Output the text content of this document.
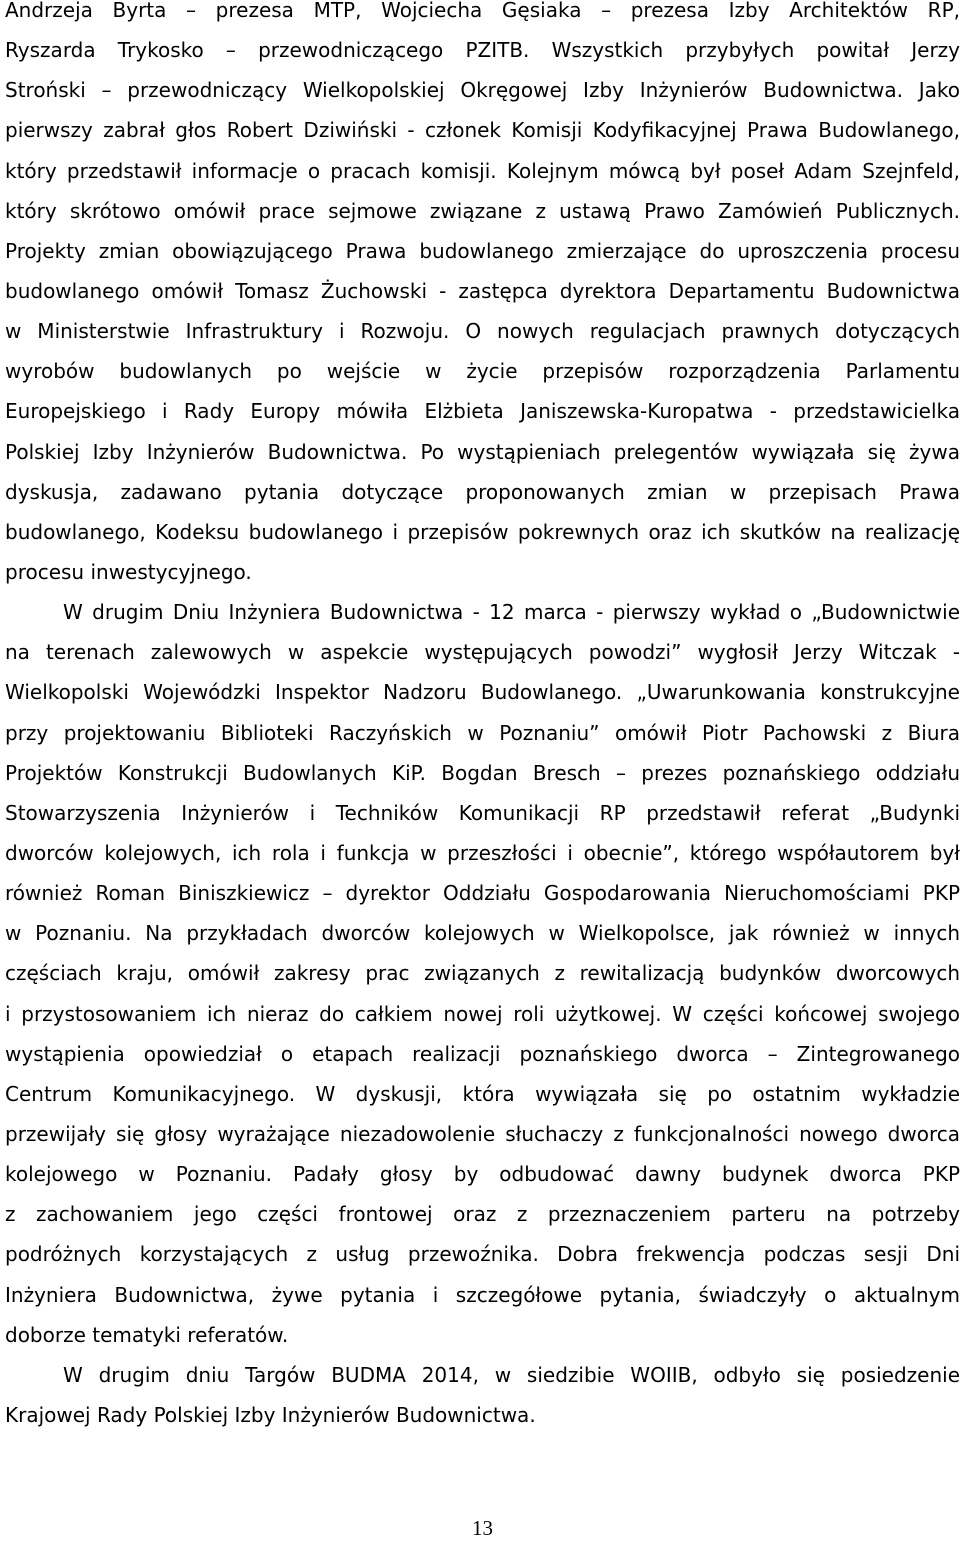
Andrzeja Byrta – prezesa MTP, Wojciecha Gęsiaka – prezesa Izby Architektów RP,
Ryszarda Trykosko – przewodniczącego PZITB. Wszystkich przybyłych powitał Jerzy
Stroński – przewodniczący Wielkopolskiej Okręgowej Izby Inżynierów Budownictwa. Jako
pierwszy zabrał głos Robert Dziwiński - członek Komisji Kodyfikacyjnej Prawa Budowlanego,
który przedstawił informacje o pracach komisji. Kolejnym mówcą był poseł Adam Szejnfeld,
który skrótowo omówił prace sejmowe związane z ustawą Prawo Zamówień Publicznych.
Projekty zmian obowiązującego Prawa budowlanego zmierzające do uproszczenia procesu
budowlanego omówił Tomasz Żuchowski - zastępca dyrektora Departamentu Budownictwa
w Ministerstwie Infrastruktury i Rozwoju. O nowych regulacjach prawnych dotyczących
wyrobów budowlanych po wejście w życie przepisów rozporządzenia Parlamentu
Europejskiego i Rady Europy mówiła Elżbieta Janiszewska-Kuropatwa - przedstawicielka
Polskiej Izby Inżynierów Budownictwa. Po wystąpieniach prelegentów wywiązała się żywa
dyskusja, zadawano pytania dotyczące proponowanych zmian w przepisach Prawa
budowlanego, Kodeksu budowlanego i przepisów pokrewnych oraz ich skutków na realizację
procesu inwestycyjnego.
W drugim Dniu Inżyniera Budownictwa - 12 marca - pierwszy wykład o „Budownictwie
na terenach zalewowych w aspekcie występujących powodzi” wygłosił Jerzy Witczak -
Wielkopolski Wojewódzki Inspektor Nadzoru Budowlanego. „Uwarunkowania konstrukcyjne
przy projektowaniu Biblioteki Raczyńskich w Poznaniu” omówił Piotr Pachowski z Biura
Projektów Konstrukcji Budowlanych KiP. Bogdan Bresch – prezes poznańskiego oddziału
Stowarzyszenia Inżynierów i Techników Komunikacji RP przedstawił referat „Budynki
dworców kolejowych, ich rola i funkcja w przeszłości i obecnie”, którego współautorem był
również Roman Biniszkiewicz – dyrektor Oddziału Gospodarowania Nieruchomościami PKP
w Poznaniu. Na przykładach dworców kolejowych w Wielkopolsce, jak również w innych
częściach kraju, omówił zakresy prac związanych z rewitalizacją budynków dworcowych
i przystosowaniem ich nieraz do całkiem nowej roli użytkowej. W części końcowej swojego
wystąpienia opowiedział o etapach realizacji poznańskiego dworca – Zintegrowanego
Centrum Komunikacyjnego. W dyskusji, która wywiązała się po ostatnim wykładzie
przewijały się głosy wyrażające niezadowolenie słuchaczy z funkcjonalności nowego dworca
kolejowego w Poznaniu. Padały głosy by odbudować dawny budynek dworca PKP
z zachowaniem jego części frontowej oraz z przeznaczeniem parteru na potrzeby
podróżnych korzystających z usług przewoźnika. Dobra frekwencja podczas sesji Dni
Inżyniera Budownictwa, żywe pytania i szczegółowe pytania, świadczyły o aktualnym
doborze tematyki referatów.
W drugim dniu Targów BUDMA 2014, w siedzibie WOIIB, odbyło się posiedzenie
Krajowej Rady Polskiej Izby Inżynierów Budownictwa.
13
